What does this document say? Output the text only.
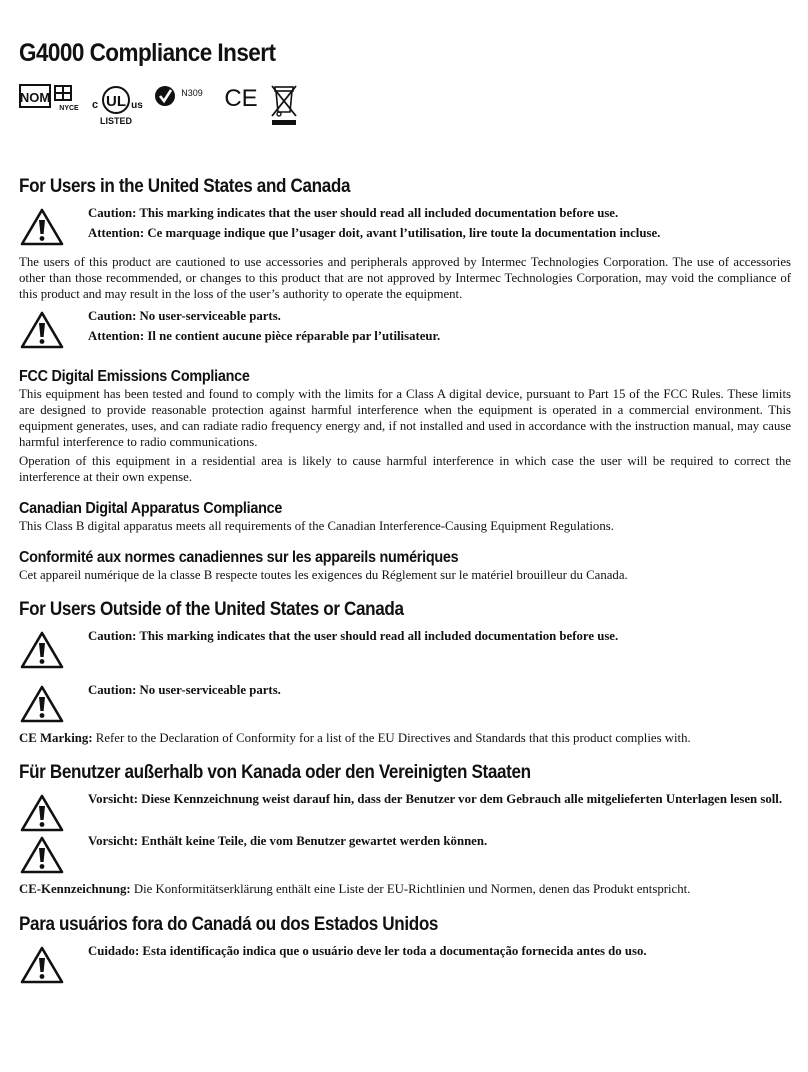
G4000 Compliance Insert
NOM
NYCE c UL us
LISTED
N309 CE
For Users in the United States and Canada

Caution: This marking indicates that the user should read all included documentation before use.

Attention: Ce marquage indique que l’usager doit, avant l’utilisation, lire toute la documentation incluse.

The users of this product are cautioned to use accessories and peripherals approved by Intermec Technologies Corporation. The use of accessories other than those recommended, or changes to this product that are not approved by Intermec Technologies Corporation, may void the compliance of this product and may result in the loss of the user’s authority to operate the equipment.

Caution: No user-serviceable parts.

Attention: Il ne contient aucune pièce réparable par l’utilisateur.

FCC Digital Emissions Compliance

This equipment has been tested and found to comply with the limits for a Class A digital device, pursuant to Part 15 of the FCC Rules. These limits are designed to provide reasonable protection against harmful interference when the equipment is operated in a commercial environment. This equipment generates, uses, and can radiate radio frequency energy and, if not installed and used in accordance with the instruction manual, may cause harmful interference to radio communications.

Operation of this equipment in a residential area is likely to cause harmful interference in which case the user will be required to correct the interference at their own expense.

Canadian Digital Apparatus Compliance

This Class B digital apparatus meets all requirements of the Canadian Interference-Causing Equipment Regulations.

Conformité aux normes canadiennes sur les appareils numériques

Cet appareil numérique de la classe B respecte toutes les exigences du Réglement sur le matériel brouilleur du Canada.

For Users Outside of the United States or Canada

Caution: This marking indicates that the user should read all included documentation before use.

Caution: No user-serviceable parts.

CE Marking: Refer to the Declaration of Conformity for a list of the EU Directives and Standards that this product complies with.

Für Benutzer außerhalb von Kanada oder den Vereinigten Staaten

Vorsicht: Diese Kennzeichnung weist darauf hin, dass der Benutzer vor dem Gebrauch alle mitgelieferten Unterlagen lesen soll.

Vorsicht: Enthält keine Teile, die vom Benutzer gewartet werden können.

CE-Kennzeichnung: Die Konformitätserklärung enthält eine Liste der EU-Richtlinien und Normen, denen das Produkt entspricht.

Para usuários fora do Canadá ou dos Estados Unidos

Cuidado: Esta identificação indica que o usuário deve ler toda a documentação fornecida antes do uso.
